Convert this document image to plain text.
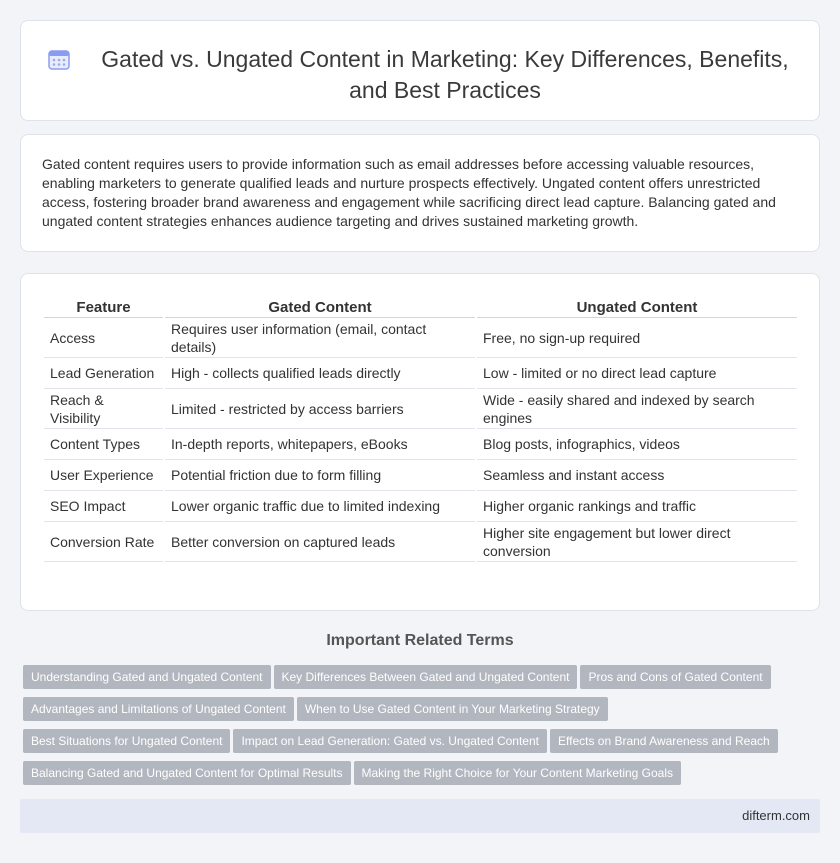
Gated vs. Ungated Content in Marketing: Key Differences, Benefits, and Best Practices

Gated content requires users to provide information such as email addresses before accessing valuable resources, enabling marketers to generate qualified leads and nurture prospects effectively. Ungated content offers unrestricted access, fostering broader brand awareness and engagement while sacrificing direct lead capture. Balancing gated and ungated content strategies enhances audience targeting and drives sustained marketing growth.

Feature	Gated Content	Ungated Content
Access	Requires user information (email, contact details)	Free, no sign-up required
Lead Generation	High - collects qualified leads directly	Low - limited or no direct lead capture
Reach & Visibility	Limited - restricted by access barriers	Wide - easily shared and indexed by search engines
Content Types	In-depth reports, whitepapers, eBooks	Blog posts, infographics, videos
User Experience	Potential friction due to form filling	Seamless and instant access
SEO Impact	Lower organic traffic due to limited indexing	Higher organic rankings and traffic
Conversion Rate	Better conversion on captured leads	Higher site engagement but lower direct conversion
Important Related Terms
Understanding Gated and Ungated Content Key Differences Between Gated and Ungated Content Pros and Cons of Gated Content
Advantages and Limitations of Ungated Content When to Use Gated Content in Your Marketing Strategy
Best Situations for Ungated Content Impact on Lead Generation: Gated vs. Ungated Content Effects on Brand Awareness and Reach
Balancing Gated and Ungated Content for Optimal Results Making the Right Choice for Your Content Marketing Goals
difterm.com
